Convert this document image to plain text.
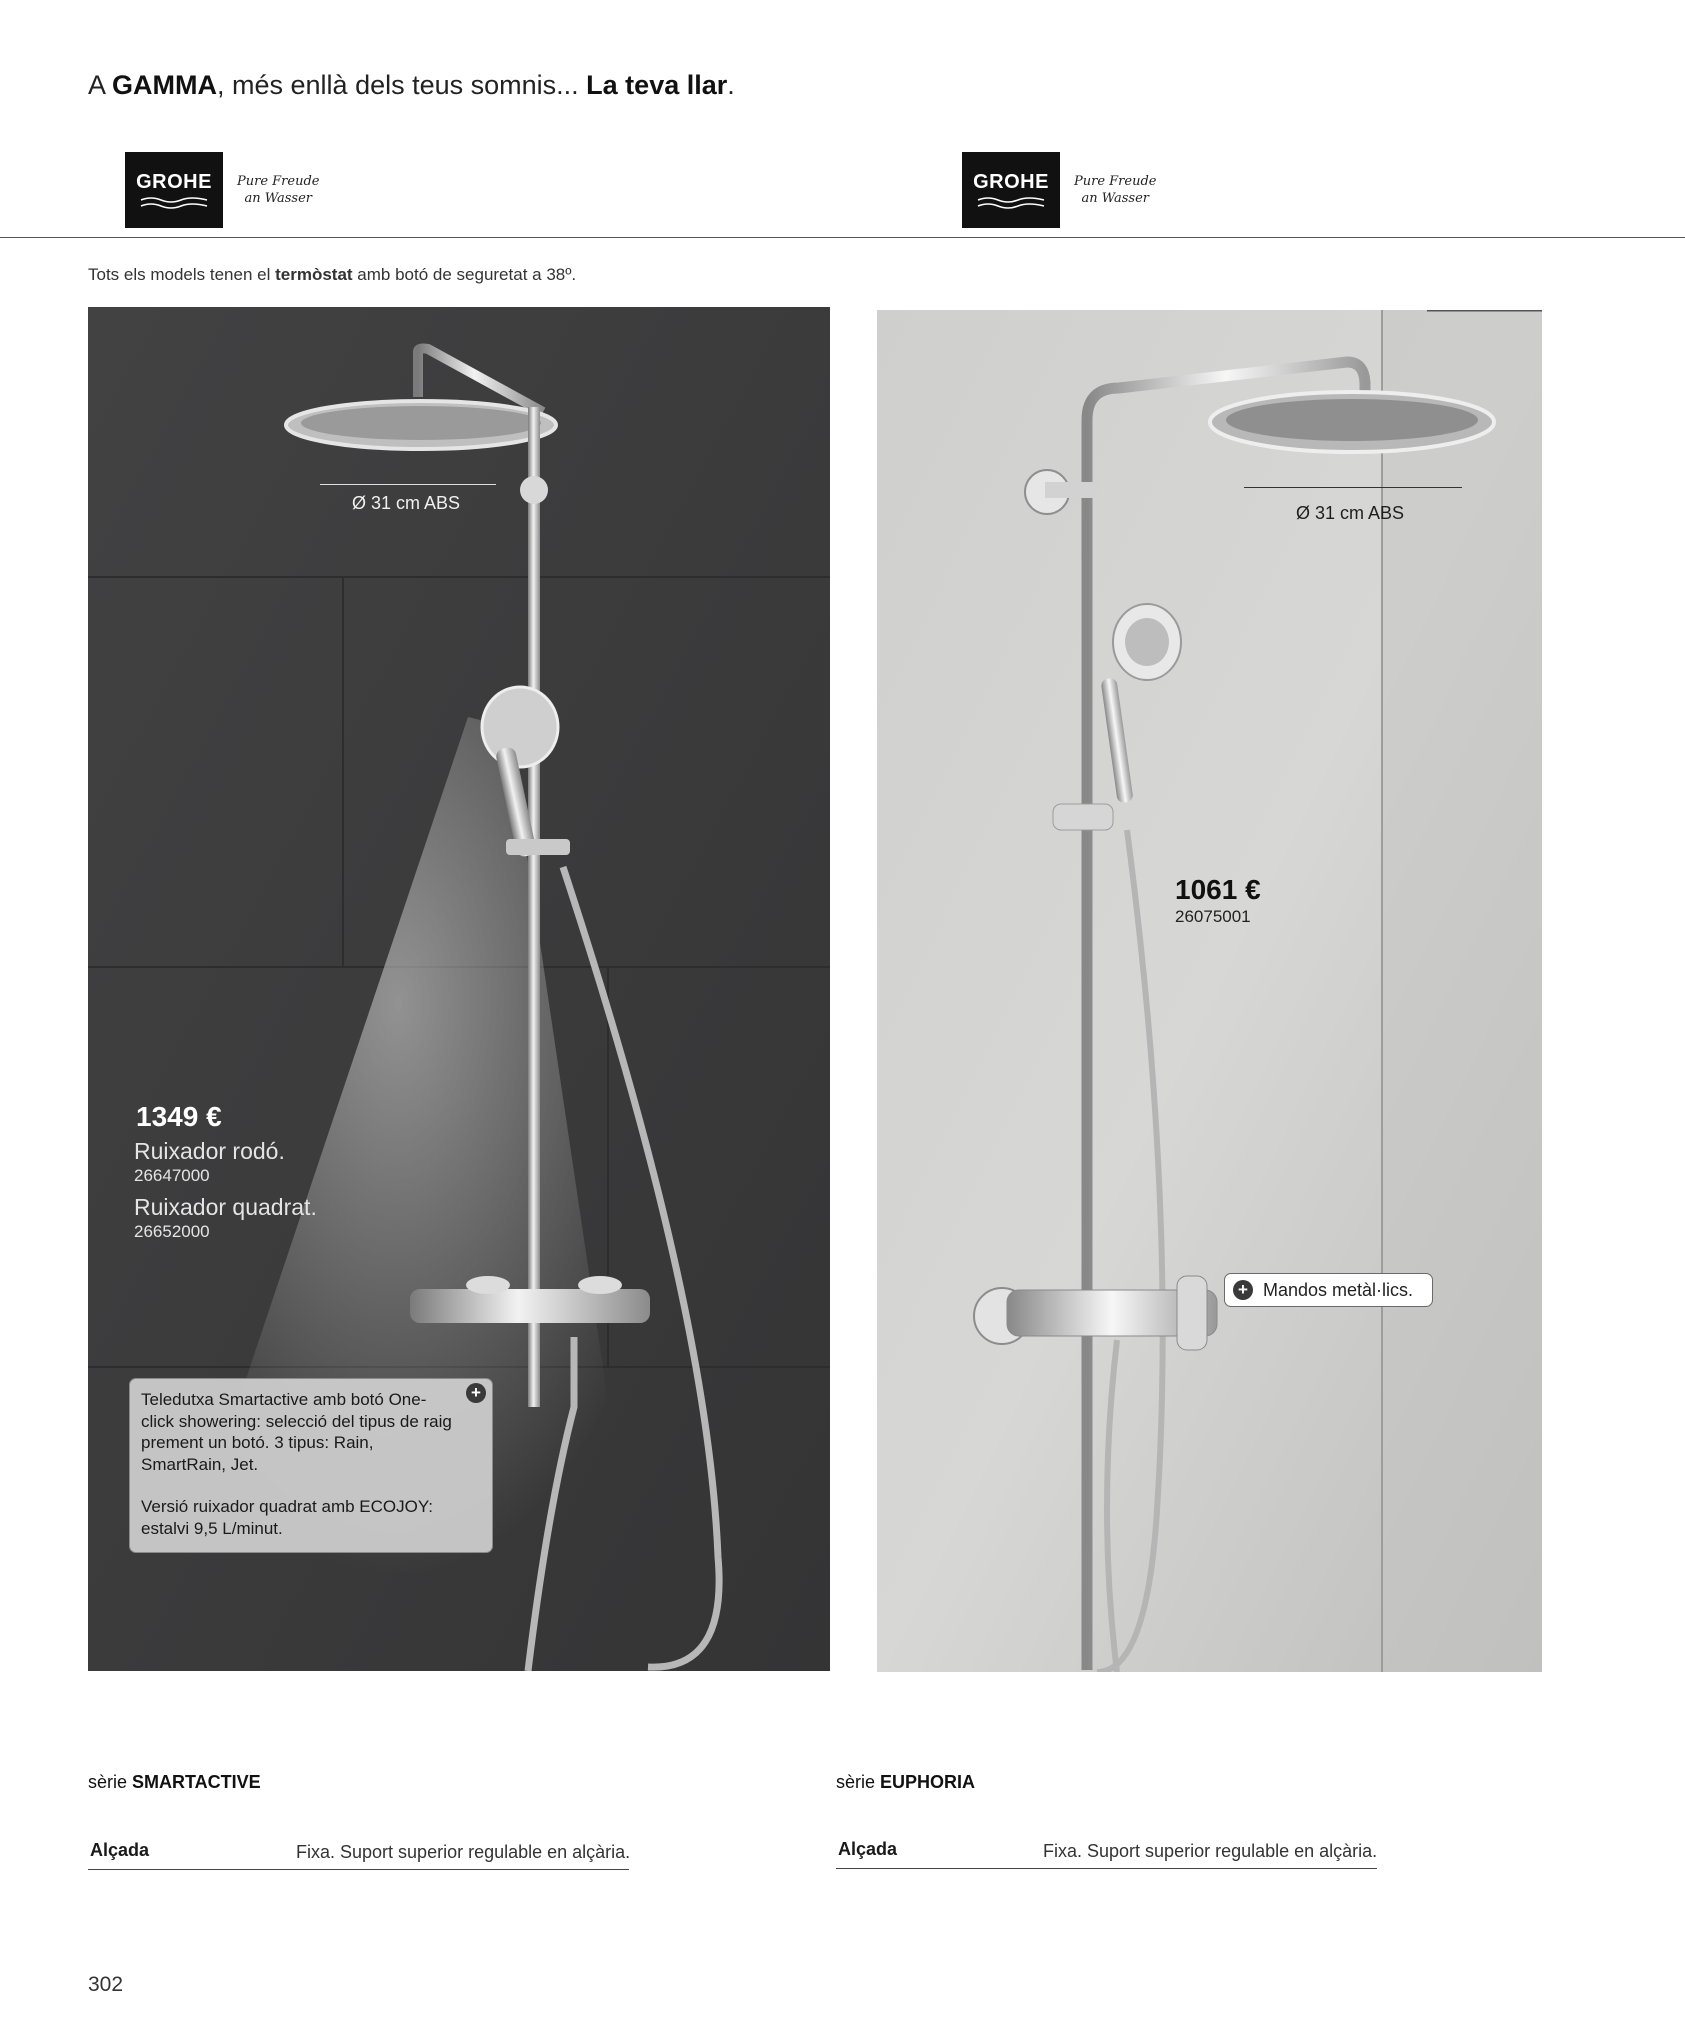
A GAMMA, més enllà dels teus somnis... La teva llar.
GROHE Pure Freude
an Wasser
GROHE Pure Freude
an Wasser
Tots els models tenen el termòstat amb botó de seguretat a 38º.
Ø 31 cm ABS
1349 €
Ruixador rodó.
26647000
Ruixador quadrat.
26652000

Teledutxa Smartactive amb botó One-click showering: selecció del tipus de raig prement un botó. 3 tipus: Rain, SmartRain, Jet.

Versió ruixador quadrat amb ECOJOY: estalvi 9,5 L/minut.

+
Ø 31 cm ABS
1061 €
26075001
+ Mandos metàl·lics.
sèrie SMARTACTIVE
Alçada	Fixa. Suport superior regulable en alçària.
sèrie EUPHORIA
Alçada	Fixa. Suport superior regulable en alçària.
302
